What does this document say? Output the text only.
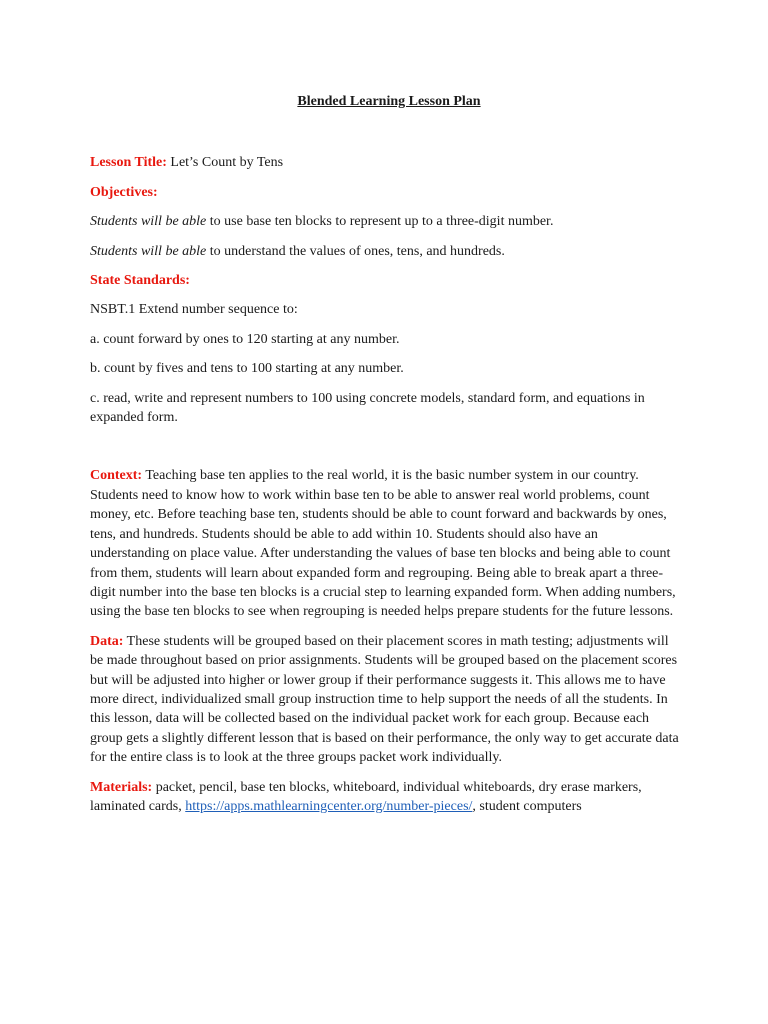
Blended Learning Lesson Plan

Lesson Title: Let’s Count by Tens

Objectives:

Students will be able to use base ten blocks to represent up to a three-digit number.

Students will be able to understand the values of ones, tens, and hundreds.

State Standards:

NSBT.1 Extend number sequence to:

a. count forward by ones to 120 starting at any number.

b. count by fives and tens to 100 starting at any number.

c. read, write and represent numbers to 100 using concrete models, standard form, and equations in expanded form.

Context: Teaching base ten applies to the real world, it is the basic number system in our country. Students need to know how to work within base ten to be able to answer real world problems, count money, etc. Before teaching base ten, students should be able to count forward and backwards by ones, tens, and hundreds. Students should be able to add within 10. Students should also have an understanding on place value. After understanding the values of base ten blocks and being able to count from them, students will learn about expanded form and regrouping. Being able to break apart a three-digit number into the base ten blocks is a crucial step to learning expanded form. When adding numbers, using the base ten blocks to see when regrouping is needed helps prepare students for the future lessons.

Data: These students will be grouped based on their placement scores in math testing; adjustments will be made throughout based on prior assignments. Students will be grouped based on the placement scores but will be adjusted into higher or lower group if their performance suggests it. This allows me to have more direct, individualized small group instruction time to help support the needs of all the students. In this lesson, data will be collected based on the individual packet work for each group. Because each group gets a slightly different lesson that is based on their performance, the only way to get accurate data for the entire class is to look at the three groups packet work individually.

Materials: packet, pencil, base ten blocks, whiteboard, individual whiteboards, dry erase markers, laminated cards, https://apps.mathlearningcenter.org/number-pieces/, student computers
